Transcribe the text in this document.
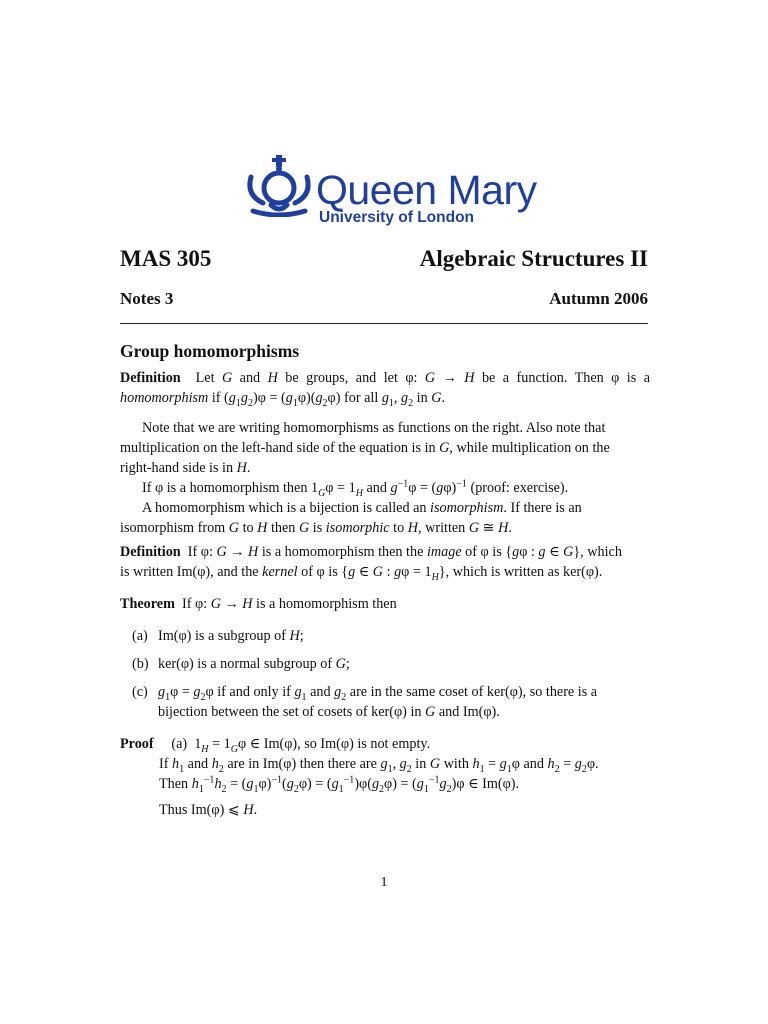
Queen Mary
University of London
MAS 305	Algebraic Structures II
Notes 3	Autumn 2006
Group homomorphisms
Definition  Let G and H be groups, and let φ: G → H be a function. Then φ is a homomorphism if $(g_1g_2)\varphi = (g_1\varphi)(g_2\varphi)$ for all $g_1$, $g_2$ in G.
Note that we are writing homomorphisms as functions on the right. Also note that
multiplication on the left-hand side of the equation is in G, while multiplication on the
right-hand side is in H.
If φ is a homomorphism then $1_G\varphi = 1_H$ and $g^{-1}\varphi = (g\varphi)^{-1}$ (proof: exercise).
A homomorphism which is a bijection is called an isomorphism. If there is an
isomorphism from G to H then G is isomorphic to H, written G ≅ H.
Definition  If φ: G → H is a homomorphism then the image of φ is {gφ : g ∈ G}, which
is written Im(φ), and the kernel of φ is {g ∈ G : $g\varphi = 1_H$}, which is written as ker(φ).
Theorem  If φ: G → H is a homomorphism then
(a) Im(φ) is a subgroup of H;
(b) ker(φ) is a normal subgroup of G;
(c) $g_1\varphi = g_2\varphi$ if and only if $g_1$ and $g_2$ are in the same coset of ker(φ), so there is a
bijection between the set of cosets of ker(φ) in G and Im(φ).
Proof     (a)  $1_H = 1_G\varphi$ ∈ Im(φ), so Im(φ) is not empty.
If $h_1$ and $h_2$ are in Im(φ) then there are $g_1$, $g_2$ in G with $h_1 = g_1\varphi$ and $h_2 = g_2\varphi$.
Then $h_1^{-1}h_2 = (g_1\varphi)^{-1}(g_2\varphi) = (g_1^{-1})\varphi(g_2\varphi) = (g_1^{-1}g_2)\varphi$ ∈ Im(φ).
Thus Im(φ) ⩽ H.
1
